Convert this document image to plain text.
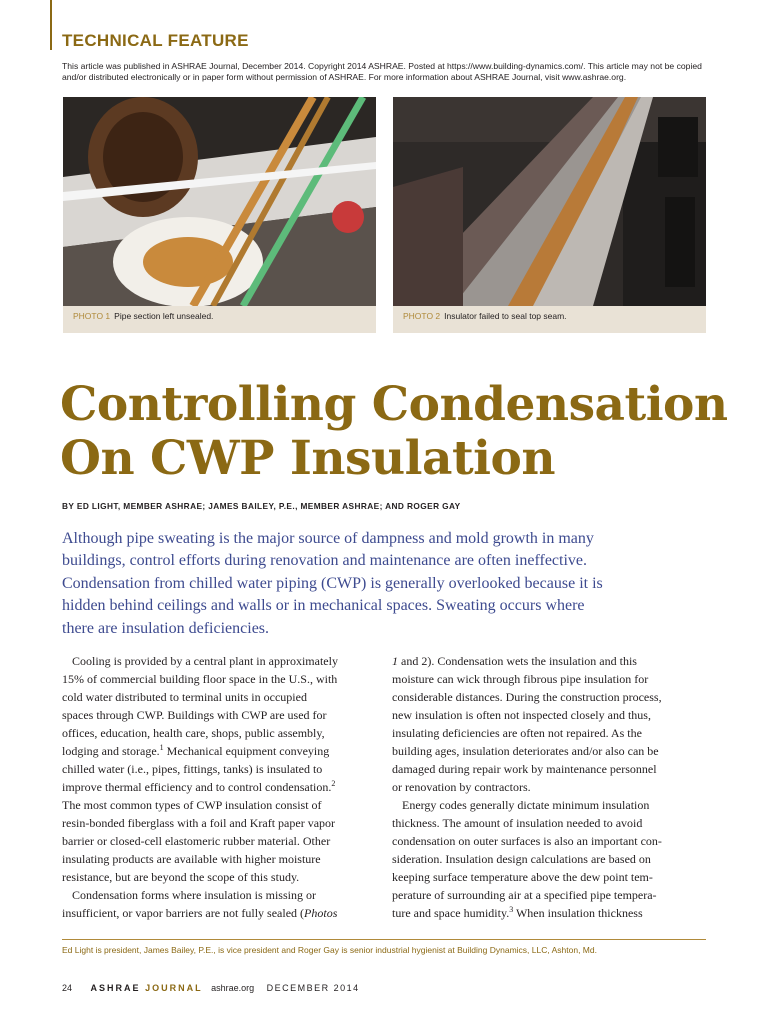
TECHNICAL FEATURE
This article was published in ASHRAE Journal, December 2014. Copyright 2014 ASHRAE. Posted at https://www.building-dynamics.com/. This article may not be copied and/or distributed electronically or in paper form without permission of ASHRAE. For more information about ASHRAE Journal, visit www.ashrae.org.
PHOTO 1 Pipe section left unsealed.	PHOTO 2 Insulator failed to seal top seam.
Controlling Condensation
On CWP Insulation
BY ED LIGHT, MEMBER ASHRAE; JAMES BAILEY, P.E., MEMBER ASHRAE; AND ROGER GAY
Although pipe sweating is the major source of dampness and mold growth in many
buildings, control efforts during renovation and maintenance are often ineffective.
Condensation from chilled water piping (CWP) is generally overlooked because it is
hidden behind ceilings and walls or in mechanical spaces. Sweating occurs where
there are insulation deficiencies.
Cooling is provided by a central plant in approximately
15% of commercial building floor space in the U.S., with
cold water distributed to terminal units in occupied
spaces through CWP. Buildings with CWP are used for
offices, education, health care, shops, public assembly,
lodging and storage.$^1$ Mechanical equipment conveying
chilled water (i.e., pipes, fittings, tanks) is insulated to
improve thermal efficiency and to control condensation.$^2$
The most common types of CWP insulation consist of
resin-bonded fiberglass with a foil and Kraft paper vapor
barrier or closed-cell elastomeric rubber material. Other
insulating products are available with higher moisture
resistance, but are beyond the scope of this study.
Condensation forms where insulation is missing or
insufficient, or vapor barriers are not fully sealed (Photos
1 and 2). Condensation wets the insulation and this
moisture can wick through fibrous pipe insulation for
considerable distances. During the construction process,
new insulation is often not inspected closely and thus,
insulating deficiencies are often not repaired. As the
building ages, insulation deteriorates and/or also can be
damaged during repair work by maintenance personnel
or renovation by contractors.
Energy codes generally dictate minimum insulation
thickness. The amount of insulation needed to avoid
condensation on outer surfaces is also an important con-
sideration. Insulation design calculations are based on
keeping surface temperature above the dew point tem-
perature of surrounding air at a specified pipe tempera-
ture and space humidity.$^3$ When insulation thickness
Ed Light is president, James Bailey, P.E., is vice president and Roger Gay is senior industrial hygienist at Building Dynamics, LLC, Ashton, Md.
24 ASHRAE JOURNAL ashrae.org DECEMBER 2014
